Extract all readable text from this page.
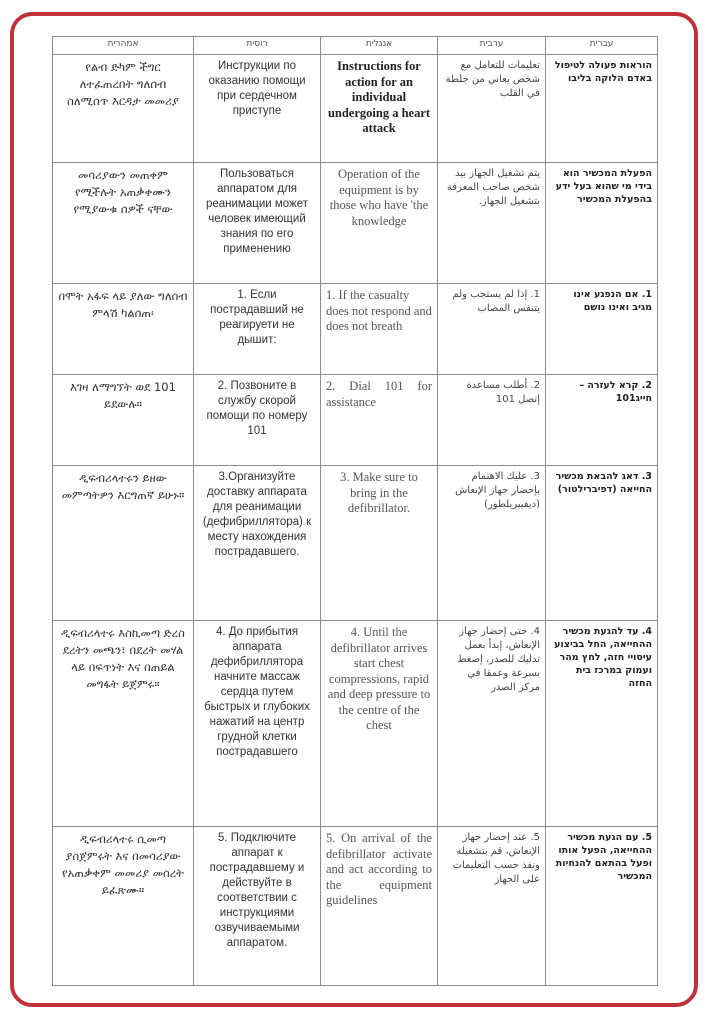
אמהרית	רוסית	אנגלית	ערבית	עברית
የልብ ድካም ችግር ለተፈጠረበት ግለሰብ ስለሚሰጥ እርዳታ መመሪያ	Инструкции по оказанию помощи при сердечном приступе	Instructions for action for an individual undergoing a heart attack	تعليمات للتعامل مع شخص يعاني من جلطة في القلب	הוראות פעולה לטיפול באדם הלוקה בליבו
መሳሪያውን መጠቀም የሚችሉት አጠቃቀሙን የሚያውቁ ሰዎች ናቸው	Пользоваться аппаратом для реанимации может человек имеющий знания по его применению	Operation of the equipment is by those who have 'the knowledge	يتم تشغيل الجهاز بيد شخص صاحب المعرفة بتشغيل الجهاز.	הפעלת המכשיר הוא בידי מי שהוא בעל ידע בהפעלת המכשיר
በሞት አፋፍ ላይ ያለው ግለሰብ ምላሽ ካልሰጠ፡	1. Если пострадавший не реагируети не дышит:	1. If the casualty does not respond and does not breath	1. إذا لم يستجب ولم يتنفس المصاب	1. אם הנפגע אינו מגיב ואינו נושם
እገዛ ለማግኘት ወደ 101 ይደውሉ።	2. Позвоните в службу скорой помощи по номеру 101	2. Dial 101 for assistance	2. أطلب مساعدة إتصل 101	2. קרא לעזרה – חייג101
ዲፍብሪላተሩን ይዘው መምጣትዎን እርግጠኛ ይሁኑ።	3.Организуйте доставку аппарата для реанимации (дефибриллятора) к месту нахождения пострадавшего.	3. Make sure to bring in the defibrillator.	3. عليك الاهتمام بإحضار جهاز الإنعاش (ديفيبريلطور)	3. דאג להבאת מכשיר החייאה (דפיברילטור)
ዲፍብሪላተሩ እስኪመጣ ድረስ ደረትን መጫን፣ በደረት መሃል ላይ በፍጥነት እና በጠይል መግፋት ይጀምሩ።	4. До прибытия аппарата дефибриллятора начните массаж сердца путем быстрых и глубоких нажатий на центр грудной клетки пострадавшего	4. Until the defibrillator arrives start chest compressions, rapid and deep pressure to the centre of the chest	4. حتى إحضار جهاز الإنعاش، إبدأ بعمل تدليك للصدر، إضغط بسرعة وعمقا في مركز الصدر	4. עד להגעת מכשיר ההחייאה, החל בביצוע עיסויי חזה, לחץ מהר ועמוק במרכז בית החזה
ዲፍብሪላተሩ ሲመጣ ያስጀምሩት እና በመሳሪያው የአጠቃቀም መመሪያ መሰረት ይፈጽሙ።	5. Подключите аппарат к пострадавшему и действуйте в соответствии с инструкциями озвучиваемыми аппаратом.	5. On arrival of the defibrillator activate and act according to the equipment guidelines	5. عند إحضار جهاز الإنعاش، قم بتشغيله ونفذ حسب التعليمات على الجهاز	5. עם הגעת מכשיר ההחייאה, הפעל אותו ופעל בהתאם להנחיות המכשיר
